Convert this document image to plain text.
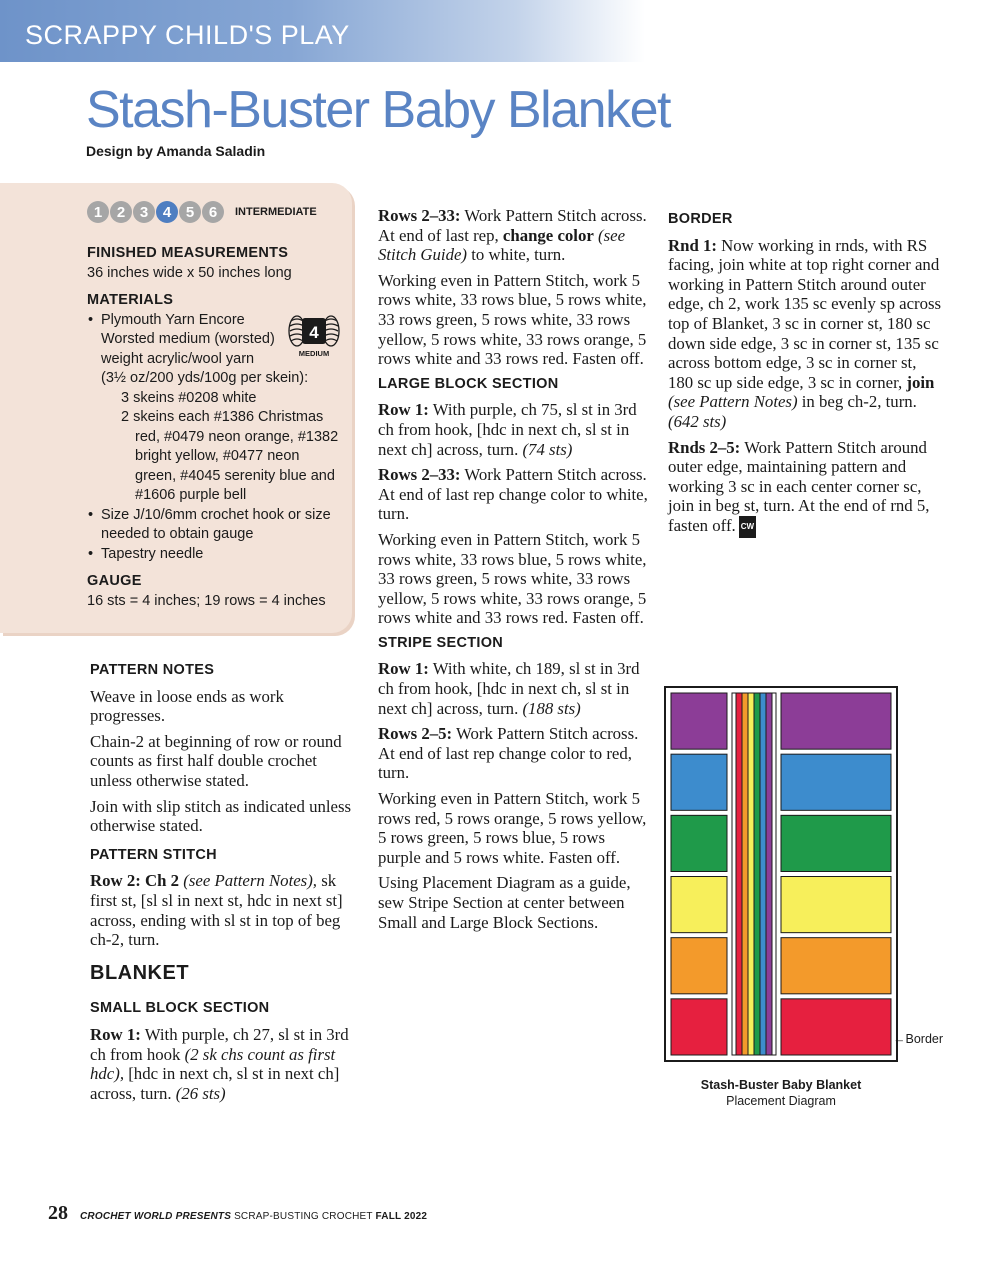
SCRAPPY CHILD'S PLAY
Stash-Buster Baby Blanket
Design by Amanda Saladin
1 2 3 4 5 6	INTERMEDIATE
FINISHED MEASUREMENTS
36 inches wide x 50 inches long
MATERIALS
• Plymouth Yarn Encore
Worsted medium (worsted)
weight acrylic/wool yarn
(3½ oz/200 yds/100g per skein):
3 skeins #0208 white
2 skeins each #1386 Christmas
red, #0479 neon orange, #1382
bright yellow, #0477 neon
green, #4045 serenity blue and
#1606 purple bell
• Size J/10/6mm crochet hook or size
needed to obtain gauge
• Tapestry needle
GAUGE
16 sts = 4 inches; 19 rows = 4 inches
4
MEDIUM
PATTERN NOTES

Weave in loose ends as work progresses.

Chain-2 at beginning of row or round counts as first half double crochet unless otherwise stated.

Join with slip stitch as indicated unless otherwise stated.

PATTERN STITCH

Row 2: Ch 2 (see Pattern Notes), sk first st, [sl sl in next st, hdc in next st] across, ending with sl st in top of beg ch-2, turn.

BLANKET
SMALL BLOCK SECTION

Row 1: With purple, ch 27, sl st in 3rd ch from hook (2 sk chs count as first hdc), [hdc in next ch, sl st in next ch] across, turn. (26 sts)

Rows 2–33: Work Pattern Stitch across. At end of last rep, change color (see Stitch Guide) to white, turn.

Working even in Pattern Stitch, work 5 rows white, 33 rows blue, 5 rows white, 33 rows green, 5 rows white, 33 rows yellow, 5 rows white, 33 rows orange, 5 rows white and 33 rows red. Fasten off.

LARGE BLOCK SECTION

Row 1: With purple, ch 75, sl st in 3rd ch from hook, [hdc in next ch, sl st in next ch] across, turn. (74 sts)

Rows 2–33: Work Pattern Stitch across. At end of last rep change color to white, turn.

Working even in Pattern Stitch, work 5 rows white, 33 rows blue, 5 rows white, 33 rows green, 5 rows white, 33 rows yellow, 5 rows white, 33 rows orange, 5 rows white and 33 rows red. Fasten off.

STRIPE SECTION

Row 1: With white, ch 189, sl st in 3rd ch from hook, [hdc in next ch, sl st in next ch] across, turn. (188 sts)

Rows 2–5: Work Pattern Stitch across. At end of last rep change color to red, turn.

Working even in Pattern Stitch, work 5 rows red, 5 rows orange, 5 rows yellow, 5 rows green, 5 rows blue, 5 rows purple and 5 rows white. Fasten off.

Using Placement Diagram as a guide, sew Stripe Section at center between Small and Large Block Sections.

BORDER

Rnd 1: Now working in rnds, with RS facing, join white at top right corner and working in Pattern Stitch around outer edge, ch 2, work 135 sc evenly sp across top of Blanket, 3 sc in corner st, 180 sc down side edge, 3 sc in corner st, 135 sc across bottom edge, 3 sc in corner st, 180 sc up side edge, 3 sc in corner, join (see Pattern Notes) in beg ch-2, turn. (642 sts)

Rnds 2–5: Work Pattern Stitch around outer edge, maintaining pattern and working 3 sc in each center corner sc, join in beg st, turn. At the end of rnd 5, fasten off. CW

←Border
Stash-Buster Baby Blanket
Placement Diagram
28 CROCHET WORLD PRESENTS SCRAP-BUSTING CROCHET FALL 2022
